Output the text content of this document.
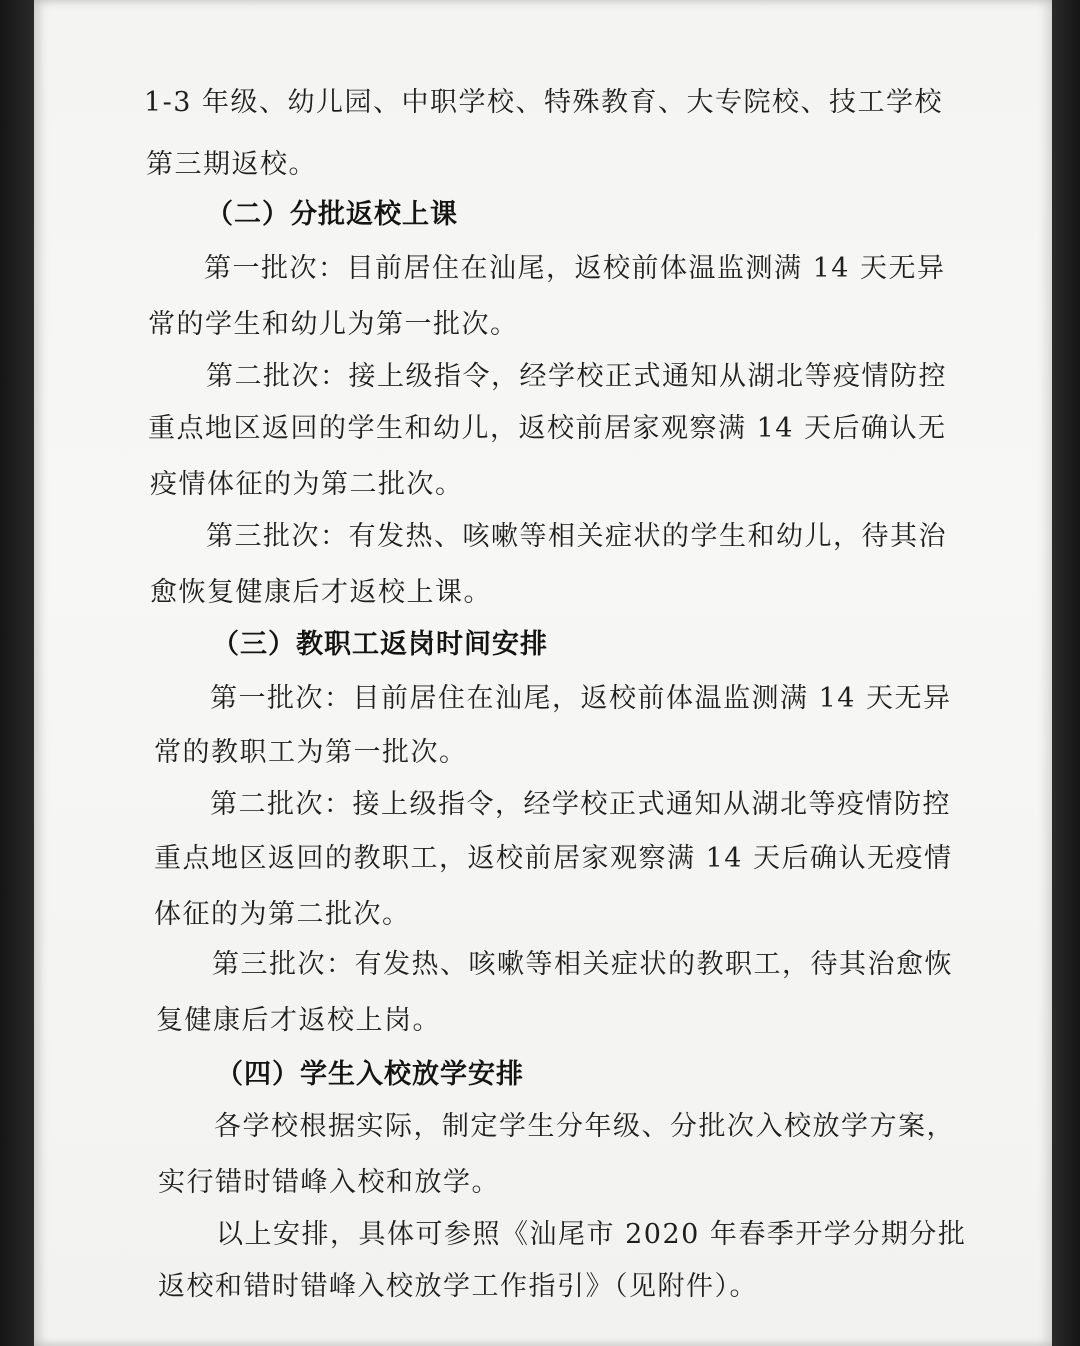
1-3 年级、幼儿园、中职学校、特殊教育、大专院校、技工学校

第三期返校。

（二）分批返校上课

第一批次：目前居住在汕尾，返校前体温监测满 14 天无异

常的学生和幼儿为第一批次。

第二批次：接上级指令，经学校正式通知从湖北等疫情防控

重点地区返回的学生和幼儿，返校前居家观察满 14 天后确认无

疫情体征的为第二批次。

第三批次：有发热、咳嗽等相关症状的学生和幼儿，待其治

愈恢复健康后才返校上课。

（三）教职工返岗时间安排

第一批次：目前居住在汕尾，返校前体温监测满 14 天无异

常的教职工为第一批次。

第二批次：接上级指令，经学校正式通知从湖北等疫情防控

重点地区返回的教职工，返校前居家观察满 14 天后确认无疫情

体征的为第二批次。

第三批次：有发热、咳嗽等相关症状的教职工，待其治愈恢

复健康后才返校上岗。

（四）学生入校放学安排

各学校根据实际，制定学生分年级、分批次入校放学方案，

实行错时错峰入校和放学。

以上安排，具体可参照《汕尾市 2020 年春季开学分期分批

返校和错时错峰入校放学工作指引》（见附件）。
